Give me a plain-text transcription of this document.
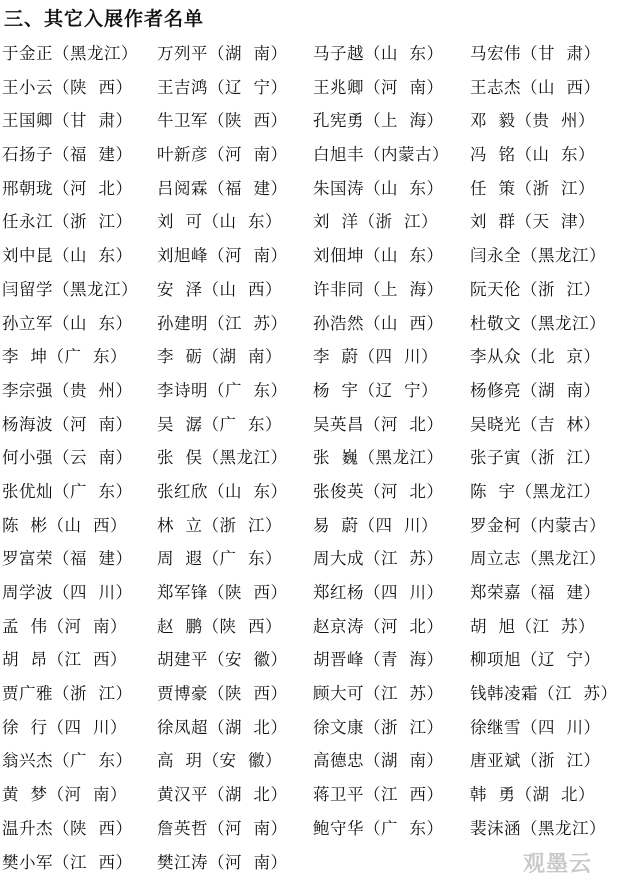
三、其它入展作者名单
于金正（黑龙江） 万列平（湖  南） 马子越（山  东） 马宏伟（甘  肃）
王小云（陕  西） 王吉鸿（辽  宁） 王兆卿（河  南） 王志杰（山  西）
王国卿（甘  肃） 牛卫军（陕  西） 孔宪勇（上  海） 邓  毅（贵  州）
石扬子（福  建） 叶新彦（河  南） 白旭丰（内蒙古） 冯  铭（山  东）
邢朝珑（河  北） 吕阅霖（福  建） 朱国涛（山  东） 任  策（浙  江）
任永江（浙  江） 刘  可（山  东） 刘  洋（浙  江） 刘  群（天  津）
刘中昆（山  东） 刘旭峰（河  南） 刘佃坤（山  东） 闫永全（黑龙江）
闫留学（黑龙江） 安  泽（山  西） 许非同（上  海） 阮天伦（浙  江）
孙立军（山  东） 孙建明（江  苏） 孙浩然（山  西） 杜敬文（黑龙江）
李  坤（广  东） 李  砺（湖  南） 李  蔚（四  川） 李从众（北  京）
李宗强（贵  州） 李诗明（广  东） 杨  宇（辽  宁） 杨修亮（湖  南）
杨海波（河  南） 吴  潺（广  东） 吴英昌（河  北） 吴晓光（吉  林）
何小强（云  南） 张  俣（黑龙江） 张  巍（黑龙江） 张子寅（浙  江）
张优灿（广  东） 张红欣（山  东） 张俊英（河  北） 陈  宇（黑龙江）
陈  彬（山  西） 林  立（浙  江） 易  蔚（四  川） 罗金柯（内蒙古）
罗富荣（福  建） 周  遐（广  东） 周大成（江  苏） 周立志（黑龙江）
周学波（四  川） 郑军锋（陕  西） 郑红杨（四  川） 郑荣嘉（福  建）
孟  伟（河  南） 赵  鹏（陕  西） 赵京涛（河  北） 胡  旭（江  苏）
胡  昂（江  西） 胡建平（安  徽） 胡晋峰（青  海） 柳项旭（辽  宁）
贾广雅（浙  江） 贾博豪（陕  西） 顾大可（江  苏） 钱韩凌霜（江  苏）
徐  行（四  川） 徐凤超（湖  北） 徐文康（浙  江） 徐继雪（四  川）
翁兴杰（广  东） 高  玥（安  徽） 高德忠（湖  南） 唐亚斌（浙  江）
黄  梦（河  南） 黄汉平（湖  北） 蒋卫平（江  西） 韩  勇（湖  北）
温升杰（陕  西） 詹英哲（河  南） 鲍守华（广  东） 裴沫涵（黑龙江）
樊小军（江  西） 樊江涛（河  南）	观墨云
